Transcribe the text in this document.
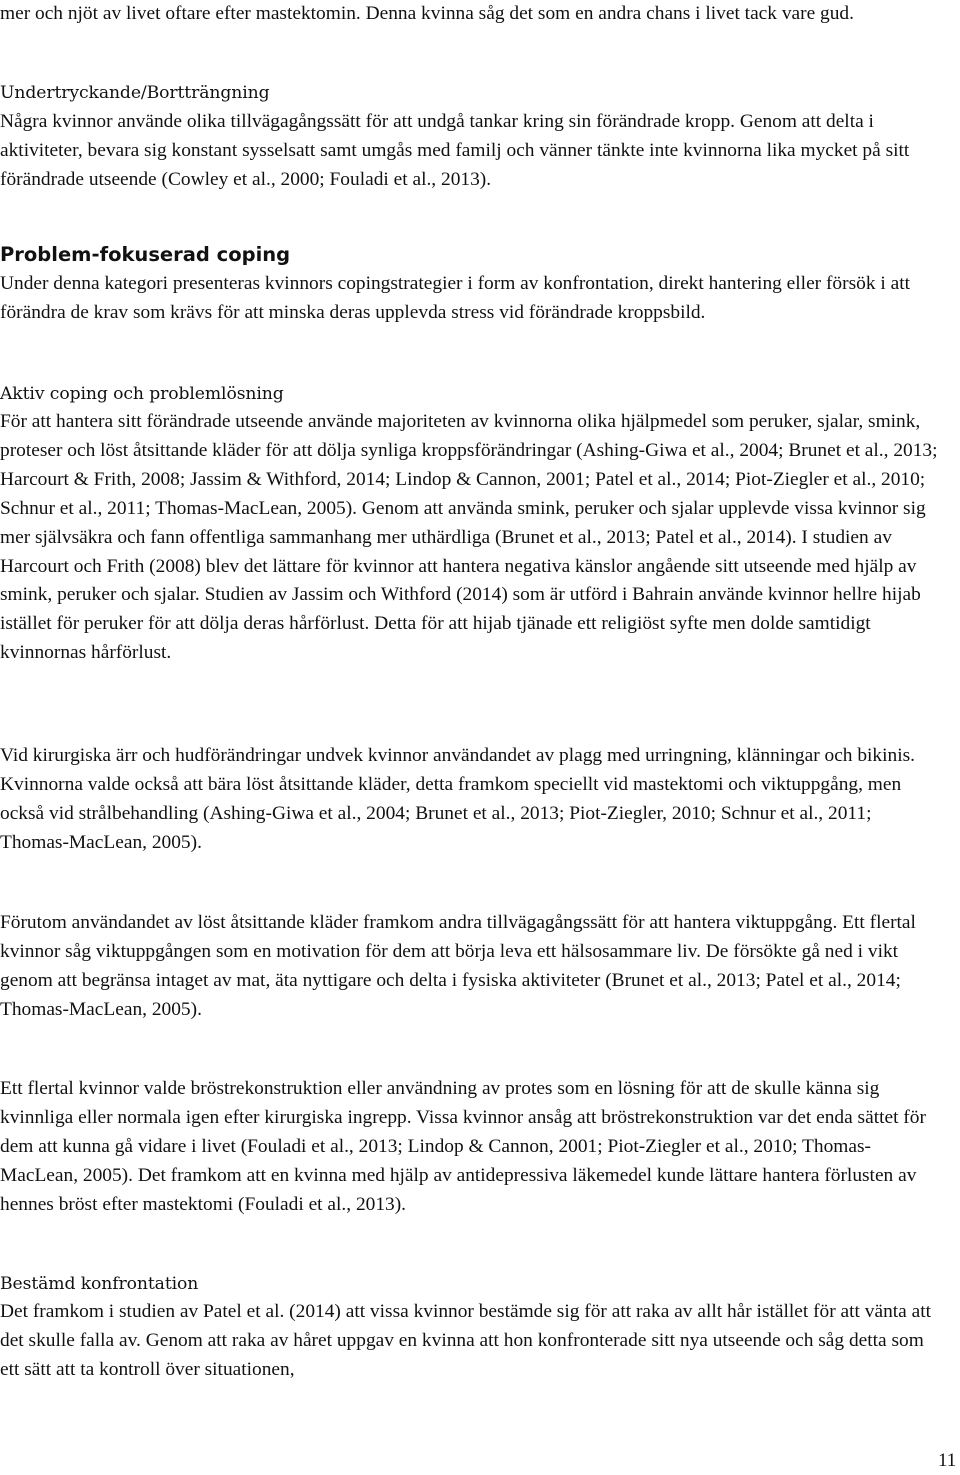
mer och njöt av livet oftare efter mastektomin. Denna kvinna såg det som en andra chans i livet tack vare gud.

Undertryckande/Bortträngning

Några kvinnor använde olika tillvägagångssätt för att undgå tankar kring sin förändrade kropp. Genom att delta i aktiviteter, bevara sig konstant sysselsatt samt umgås med familj och vänner tänkte inte kvinnorna lika mycket på sitt förändrade utseende (Cowley et al., 2000; Fouladi et al., 2013).

Problem-fokuserad coping

Under denna kategori presenteras kvinnors copingstrategier i form av konfrontation, direkt hantering eller försök i att förändra de krav som krävs för att minska deras upplevda stress vid förändrade kroppsbild.

Aktiv coping och problemlösning

För att hantera sitt förändrade utseende använde majoriteten av kvinnorna olika hjälpmedel som peruker, sjalar, smink, proteser och löst åtsittande kläder för att dölja synliga kroppsförändringar (Ashing-Giwa et al., 2004; Brunet et al., 2013; Harcourt & Frith, 2008; Jassim & Withford, 2014; Lindop & Cannon, 2001; Patel et al., 2014; Piot-Ziegler et al., 2010; Schnur et al., 2011; Thomas-MacLean, 2005). Genom att använda smink, peruker och sjalar upplevde vissa kvinnor sig mer självsäkra och fann offentliga sammanhang mer uthärdliga (Brunet et al., 2013; Patel et al., 2014). I studien av Harcourt och Frith (2008) blev det lättare för kvinnor att hantera negativa känslor angående sitt utseende med hjälp av smink, peruker och sjalar. Studien av Jassim och Withford (2014) som är utförd i Bahrain använde kvinnor hellre hijab istället för peruker för att dölja deras hårförlust. Detta för att hijab tjänade ett religiöst syfte men dolde samtidigt kvinnornas hårförlust.

Vid kirurgiska ärr och hudförändringar undvek kvinnor användandet av plagg med urringning, klänningar och bikinis. Kvinnorna valde också att bära löst åtsittande kläder, detta framkom speciellt vid mastektomi och viktuppgång, men också vid strålbehandling (Ashing-Giwa et al., 2004; Brunet et al., 2013; Piot-Ziegler, 2010; Schnur et al., 2011; Thomas-MacLean, 2005).

Förutom användandet av löst åtsittande kläder framkom andra tillvägagångssätt för att hantera viktuppgång. Ett flertal kvinnor såg viktuppgången som en motivation för dem att börja leva ett hälsosammare liv. De försökte gå ned i vikt genom att begränsa intaget av mat, äta nyttigare och delta i fysiska aktiviteter (Brunet et al., 2013; Patel et al., 2014; Thomas-MacLean, 2005).

Ett flertal kvinnor valde bröstrekonstruktion eller användning av protes som en lösning för att de skulle känna sig kvinnliga eller normala igen efter kirurgiska ingrepp. Vissa kvinnor ansåg att bröstrekonstruktion var det enda sättet för dem att kunna gå vidare i livet (Fouladi et al., 2013; Lindop & Cannon, 2001; Piot-Ziegler et al., 2010; Thomas-MacLean, 2005). Det framkom att en kvinna med hjälp av antidepressiva läkemedel kunde lättare hantera förlusten av hennes bröst efter mastektomi (Fouladi et al., 2013).

Bestämd konfrontation

Det framkom i studien av Patel et al. (2014) att vissa kvinnor bestämde sig för att raka av allt hår istället för att vänta att det skulle falla av. Genom att raka av håret uppgav en kvinna att hon konfronterade sitt nya utseende och såg detta som ett sätt att ta kontroll över situationen,

11
